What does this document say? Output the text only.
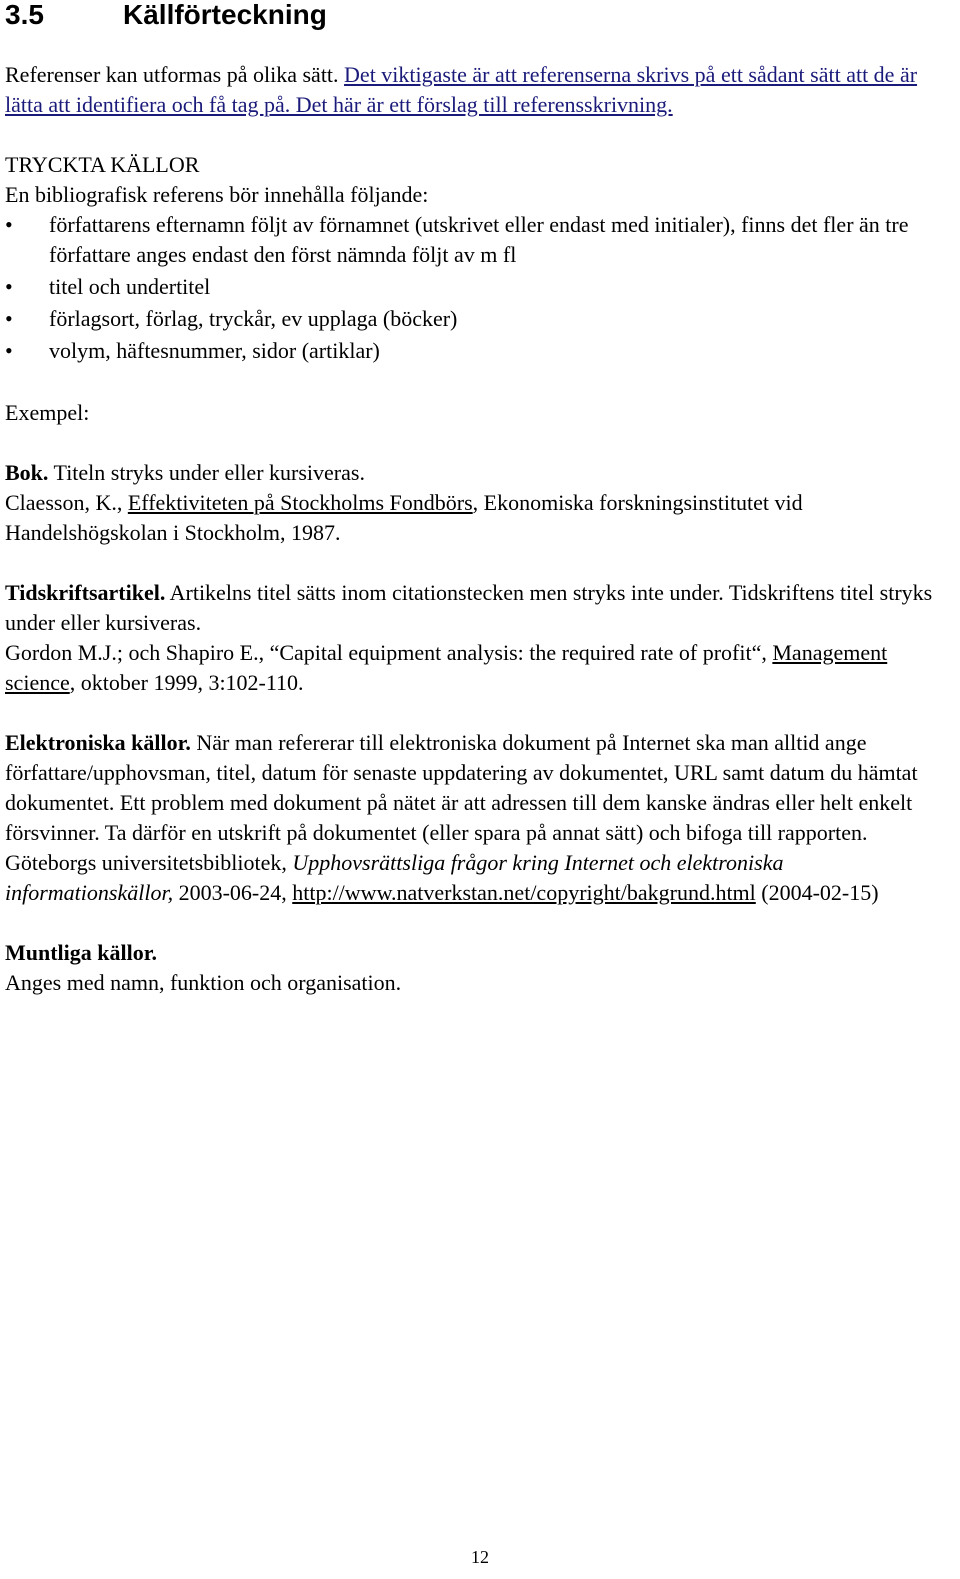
3.5	Källförteckning

Referenser kan utformas på olika sätt. Det viktigaste är att referenserna skrivs på ett sådant sätt att de är lätta att identifiera och få tag på. Det här är ett förslag till referensskrivning.

TRYCKTA KÄLLOR

En bibliografisk referens bör innehålla följande:

• författarens efternamn följt av förnamnet (utskrivet eller endast med initialer), finns det fler än tre författare anges endast den först nämnda följt av m fl
• titel och undertitel
• förlagsort, förlag, tryckår, ev upplaga (böcker)
• volym, häftesnummer, sidor (artiklar)

Exempel:

Bok. Titeln stryks under eller kursiveras.

Claesson, K., Effektiviteten på Stockholms Fondbörs, Ekonomiska forskningsinstitutet vid Handelshögskolan i Stockholm, 1987.

Tidskriftsartikel. Artikelns titel sätts inom citationstecken men stryks inte under. Tidskriftens titel stryks under eller kursiveras.

Gordon M.J.; och Shapiro E., “Capital equipment analysis: the required rate of profit“, Management science, oktober 1999, 3:102-110.

Elektroniska källor. När man refererar till elektroniska dokument på Internet ska man alltid ange författare/upphovsman, titel, datum för senaste uppdatering av dokumentet, URL samt datum du hämtat dokumentet. Ett problem med dokument på nätet är att adressen till dem kanske ändras eller helt enkelt försvinner. Ta därför en utskrift på dokumentet (eller spara på annat sätt) och bifoga till rapporten.

Göteborgs universitetsbibliotek, Upphovsrättsliga frågor kring Internet och elektroniska informationskällor, 2003-06-24, http://www.natverkstan.net/copyright/bakgrund.html (2004-02-15)

Muntliga källor.

Anges med namn, funktion och organisation.

12
